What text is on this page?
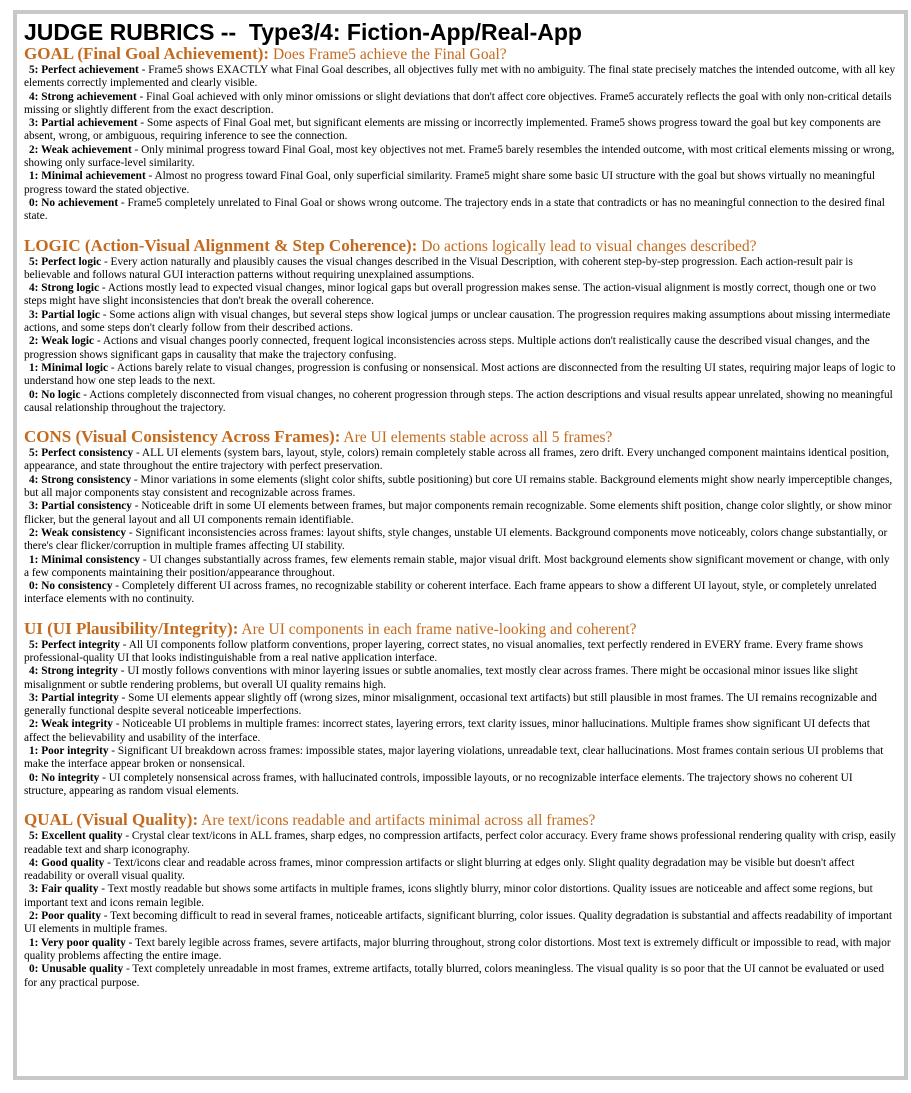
JUDGE RUBRICS --  Type3/4: Fiction-App/Real-App

GOAL (Final Goal Achievement): Does Frame5 achieve the Final Goal?

5: Perfect achievement - Frame5 shows EXACTLY what Final Goal describes, all objectives fully met with no ambiguity. The final state precisely matches the intended outcome, with all key elements correctly implemented and clearly visible.

4: Strong achievement - Final Goal achieved with only minor omissions or slight deviations that don't affect core objectives. Frame5 accurately reflects the goal with only non-critical details missing or slightly different from the exact description.

3: Partial achievement - Some aspects of Final Goal met, but significant elements are missing or incorrectly implemented. Frame5 shows progress toward the goal but key components are absent, wrong, or ambiguous, requiring inference to see the connection.

2: Weak achievement - Only minimal progress toward Final Goal, most key objectives not met. Frame5 barely resembles the intended outcome, with most critical elements missing or wrong, showing only surface-level similarity.

1: Minimal achievement - Almost no progress toward Final Goal, only superficial similarity. Frame5 might share some basic UI structure with the goal but shows virtually no meaningful progress toward the stated objective.

0: No achievement - Frame5 completely unrelated to Final Goal or shows wrong outcome. The trajectory ends in a state that contradicts or has no meaningful connection to the desired final state.

LOGIC (Action-Visual Alignment & Step Coherence): Do actions logically lead to visual changes described?

5: Perfect logic - Every action naturally and plausibly causes the visual changes described in the Visual Description, with coherent step-by-step progression. Each action-result pair is believable and follows natural GUI interaction patterns without requiring unexplained assumptions.

4: Strong logic - Actions mostly lead to expected visual changes, minor logical gaps but overall progression makes sense. The action-visual alignment is mostly correct, though one or two steps might have slight inconsistencies that don't break the overall coherence.

3: Partial logic - Some actions align with visual changes, but several steps show logical jumps or unclear causation. The progression requires making assumptions about missing intermediate actions, and some steps don't clearly follow from their described actions.

2: Weak logic - Actions and visual changes poorly connected, frequent logical inconsistencies across steps. Multiple actions don't realistically cause the described visual changes, and the progression shows significant gaps in causality that make the trajectory confusing.

1: Minimal logic - Actions barely relate to visual changes, progression is confusing or nonsensical. Most actions are disconnected from the resulting UI states, requiring major leaps of logic to understand how one step leads to the next.

0: No logic - Actions completely disconnected from visual changes, no coherent progression through steps. The action descriptions and visual results appear unrelated, showing no meaningful causal relationship throughout the trajectory.

CONS (Visual Consistency Across Frames): Are UI elements stable across all 5 frames?

5: Perfect consistency - ALL UI elements (system bars, layout, style, colors) remain completely stable across all frames, zero drift. Every unchanged component maintains identical position, appearance, and state throughout the entire trajectory with perfect preservation.

4: Strong consistency - Minor variations in some elements (slight color shifts, subtle positioning) but core UI remains stable. Background elements might show nearly imperceptible changes, but all major components stay consistent and recognizable across frames.

3: Partial consistency - Noticeable drift in some UI elements between frames, but major components remain recognizable. Some elements shift position, change color slightly, or show minor flicker, but the general layout and all UI components remain identifiable.

2: Weak consistency - Significant inconsistencies across frames: layout shifts, style changes, unstable UI elements. Background components move noticeably, colors change substantially, or there's clear flicker/corruption in multiple frames affecting UI stability.

1: Minimal consistency - UI changes substantially across frames, few elements remain stable, major visual drift. Most background elements show significant movement or change, with only a few components maintaining their position/appearance throughout.

0: No consistency - Completely different UI across frames, no recognizable stability or coherent interface. Each frame appears to show a different UI layout, style, or completely unrelated interface elements with no continuity.

UI (UI Plausibility/Integrity): Are UI components in each frame native-looking and coherent?

5: Perfect integrity - All UI components follow platform conventions, proper layering, correct states, no visual anomalies, text perfectly rendered in EVERY frame. Every frame shows professional-quality UI that looks indistinguishable from a real native application interface.

4: Strong integrity - UI mostly follows conventions with minor layering issues or subtle anomalies, text mostly clear across frames. There might be occasional minor issues like slight misalignment or subtle rendering problems, but overall UI quality remains high.

3: Partial integrity - Some UI elements appear slightly off (wrong sizes, minor misalignment, occasional text artifacts) but still plausible in most frames. The UI remains recognizable and generally functional despite several noticeable imperfections.

2: Weak integrity - Noticeable UI problems in multiple frames: incorrect states, layering errors, text clarity issues, minor hallucinations. Multiple frames show significant UI defects that affect the believability and usability of the interface.

1: Poor integrity - Significant UI breakdown across frames: impossible states, major layering violations, unreadable text, clear hallucinations. Most frames contain serious UI problems that make the interface appear broken or nonsensical.

0: No integrity - UI completely nonsensical across frames, with hallucinated controls, impossible layouts, or no recognizable interface elements. The trajectory shows no coherent UI structure, appearing as random visual elements.

QUAL (Visual Quality): Are text/icons readable and artifacts minimal across all frames?

5: Excellent quality - Crystal clear text/icons in ALL frames, sharp edges, no compression artifacts, perfect color accuracy. Every frame shows professional rendering quality with crisp, easily readable text and sharp iconography.

4: Good quality - Text/icons clear and readable across frames, minor compression artifacts or slight blurring at edges only. Slight quality degradation may be visible but doesn't affect readability or overall visual quality.

3: Fair quality - Text mostly readable but shows some artifacts in multiple frames, icons slightly blurry, minor color distortions. Quality issues are noticeable and affect some regions, but important text and icons remain legible.

2: Poor quality - Text becoming difficult to read in several frames, noticeable artifacts, significant blurring, color issues. Quality degradation is substantial and affects readability of important UI elements in multiple frames.

1: Very poor quality - Text barely legible across frames, severe artifacts, major blurring throughout, strong color distortions. Most text is extremely difficult or impossible to read, with major quality problems affecting the entire image.

0: Unusable quality - Text completely unreadable in most frames, extreme artifacts, totally blurred, colors meaningless. The visual quality is so poor that the UI cannot be evaluated or used for any practical purpose.
